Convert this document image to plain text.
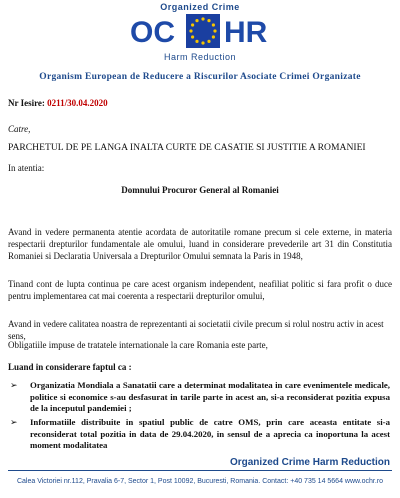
Organized Crime
OC HR
Harm Reduction
Organism European de Reducere a Riscurilor Asociate Crimei Organizate
Nr Iesire: 0211/30.04.2020
Catre,
PARCHETUL DE PE LANGA INALTA CURTE DE CASATIE SI JUSTITIE A ROMANIEI
In atentia:
Domnului Procuror General al Romaniei
Avand in vedere permanenta atentie acordata de autoritatile romane precum si cele externe, in materia respectarii drepturilor fundamentale ale omului, luand in considerare prevederile art 31 din Constitutia Romaniei si Declaratia Universala a Drepturilor Omului semnata la Paris in 1948,
Tinand cont de lupta continua pe care acest organism independent, neafiliat politic si fara profit o duce pentru implementarea cat mai coerenta a respectarii drepturilor omului,
Avand in vedere calitatea noastra de reprezentanti ai societatii civile precum si rolul nostru activ in acest sens,
Obligatiile impuse de tratatele internationale la care Romania este parte,
Luand in considerare faptul ca :
➢ Organizatia Mondiala a Sanatatii care a determinat modalitatea in care evenimentele medicale, politice si economice s-au desfasurat in tarile parte in acest an, si-a reconsiderat pozitia expusa de la inceputul pandemiei ;
➢ Informatiile distribuite in spatiul public de catre OMS, prin care aceasta entitate si-a reconsiderat total pozitia in data de 29.04.2020, in sensul de a aprecia ca inoportuna la acest moment modalitatea
Organized Crime Harm Reduction
Calea Victoriei nr.112, Pravalia 6-7, Sector 1, Post 10092, Bucuresti, Romania. Contact: +40 735 14 5664 www.ochr.ro
